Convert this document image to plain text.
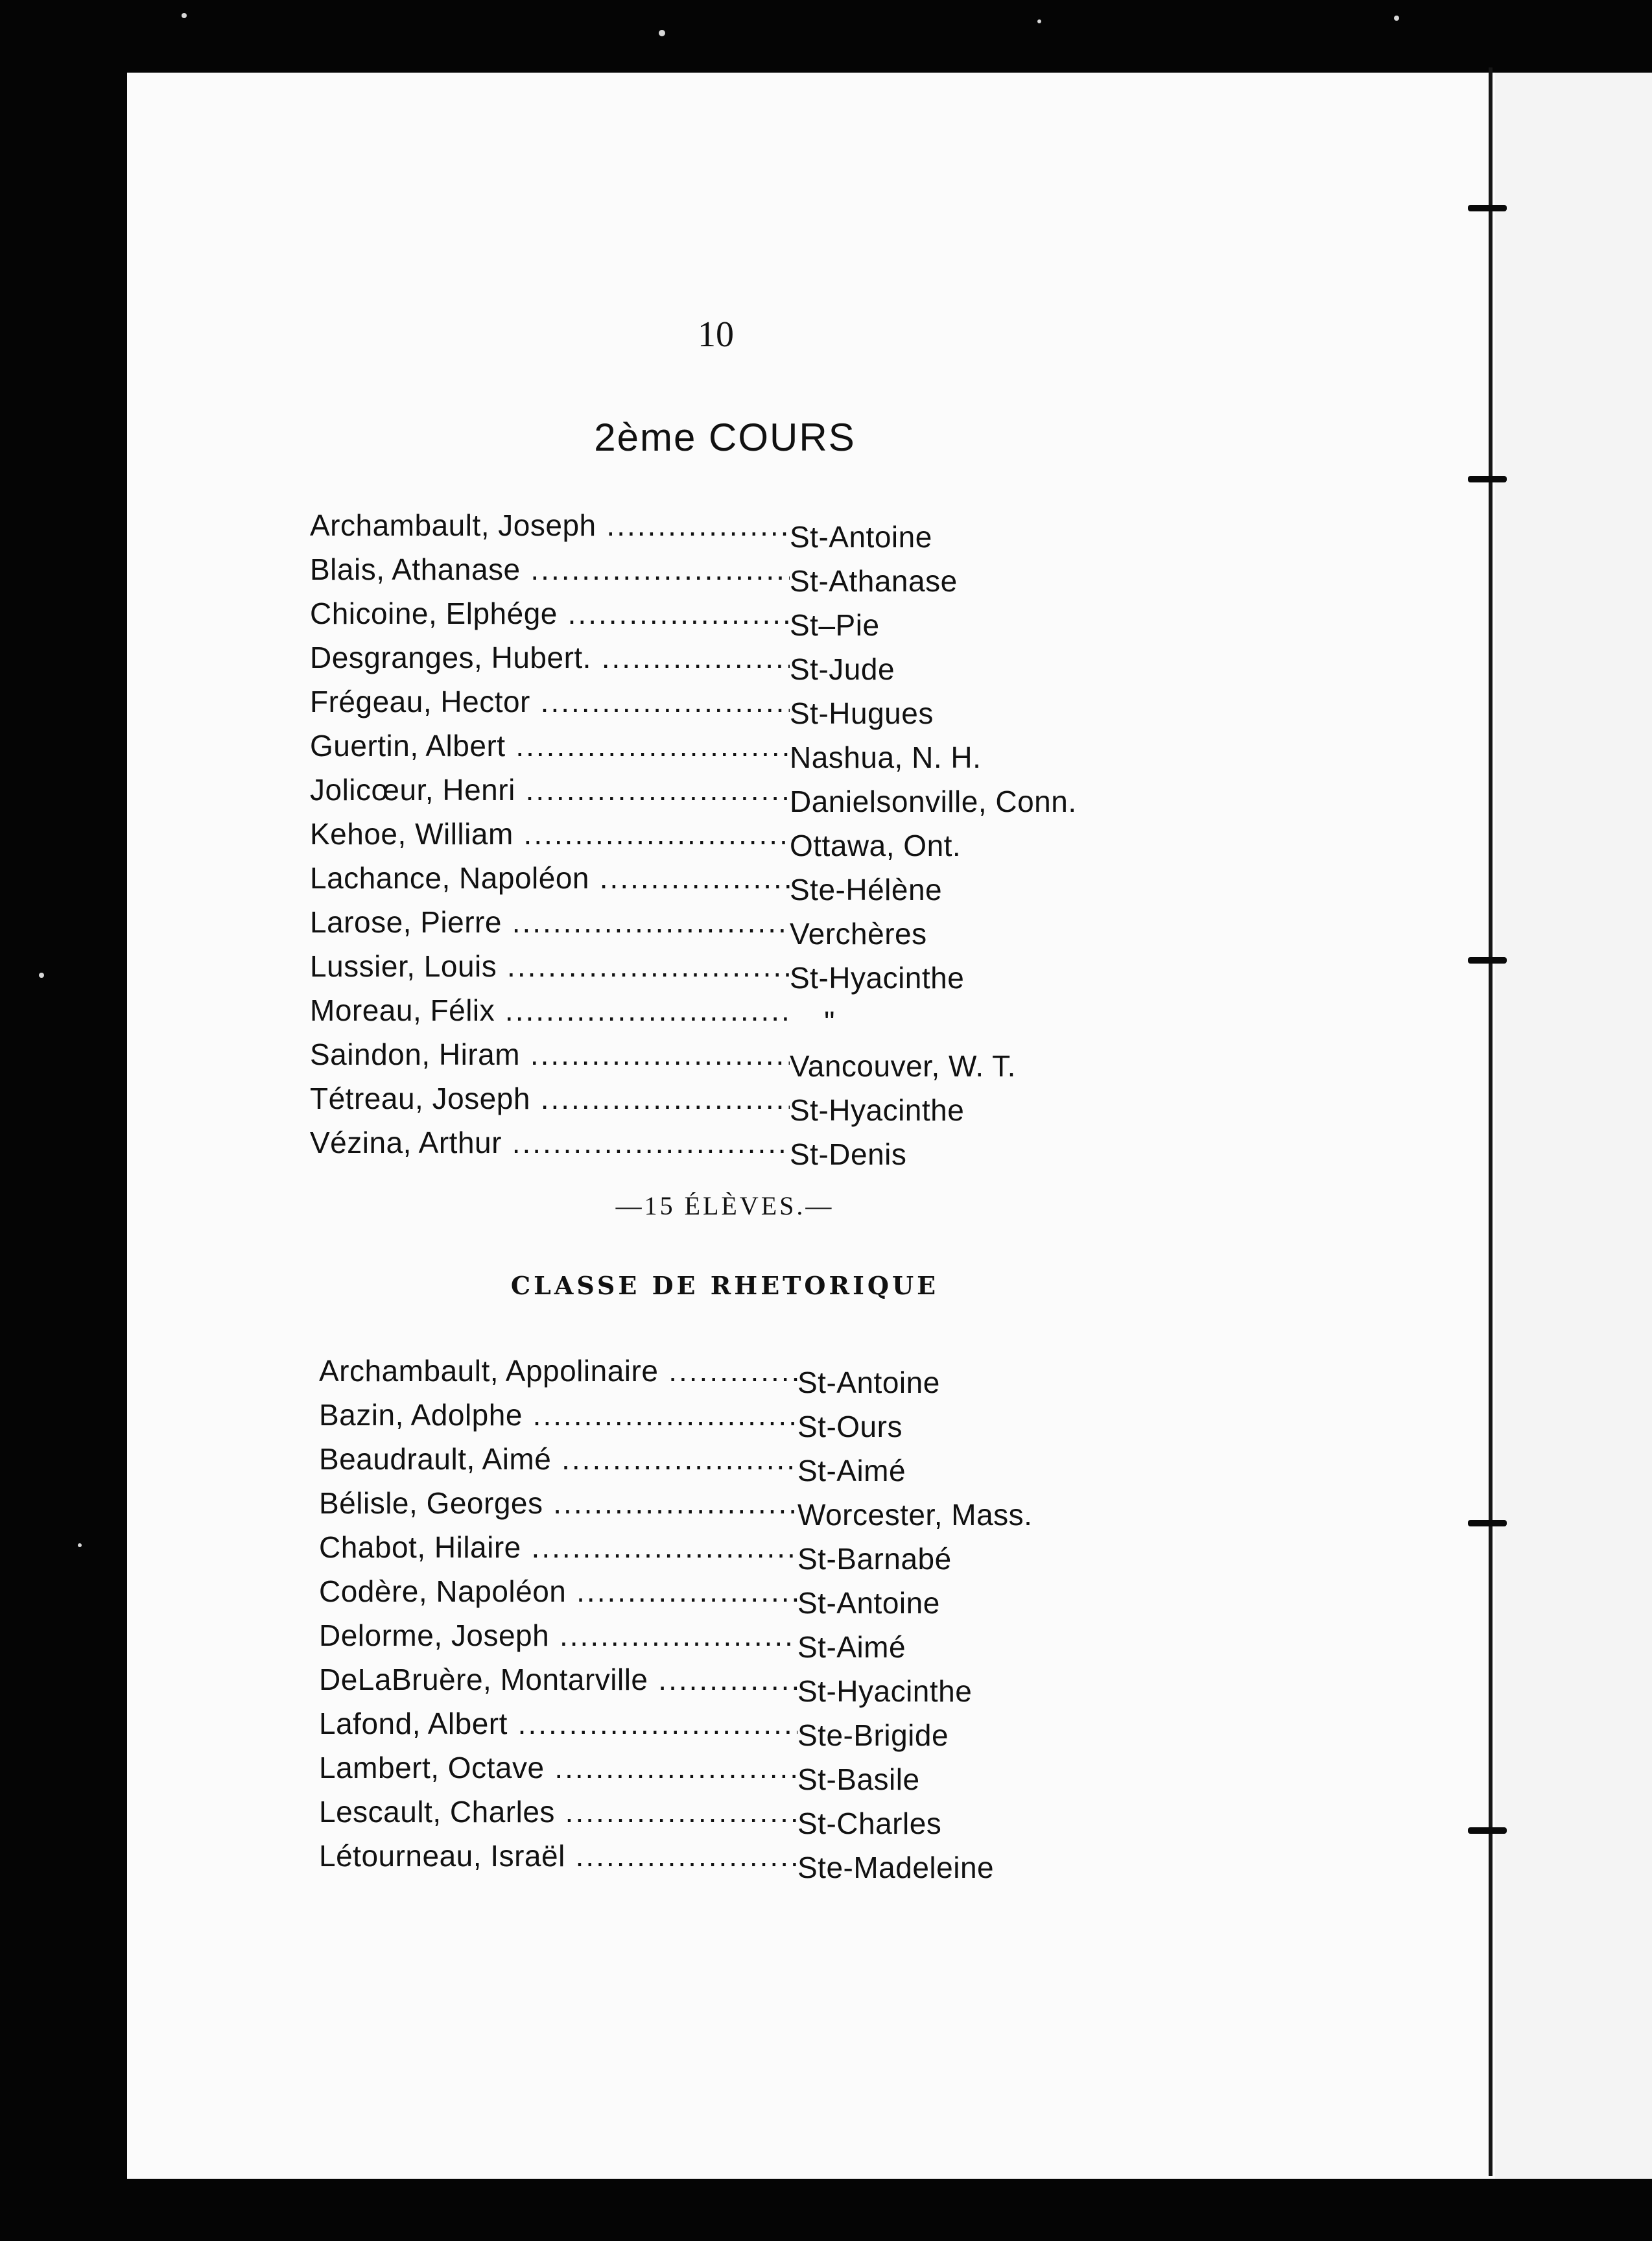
10
2ème COURS
Archambault, Joseph .....	St-Antoine
Blais, Athanase .....	St-Athanase
Chicoine, Elphége .....	St–Pie
Desgranges, Hubert. .....	St-Jude
Frégeau, Hector .....	St-Hugues
Guertin, Albert .....	Nashua, N. H.
Jolicœur, Henri .....	Danielsonville, Conn.
Kehoe, William .....	Ottawa, Ont.
Lachance, Napoléon .....	Ste-Hélène
Larose, Pierre .....	Verchères
Lussier, Louis .....	St-Hyacinthe
Moreau, Félix .....	"
Saindon, Hiram .....	Vancouver, W. T.
Tétreau, Joseph .....	St-Hyacinthe
Vézina, Arthur .....	St-Denis
—15 ÉLÈVES.—
CLASSE DE RHETORIQUE
Archambault, Appolinaire .....	St-Antoine
Bazin, Adolphe .....	St-Ours
Beaudrault, Aimé .....	St-Aimé
Bélisle, Georges .....	Worcester, Mass.
Chabot, Hilaire .....	St-Barnabé
Codère, Napoléon .....	St-Antoine
Delorme, Joseph .....	St-Aimé
DeLaBruère, Montarville .....	St-Hyacinthe
Lafond, Albert .....	Ste-Brigide
Lambert, Octave .....	St-Basile
Lescault, Charles .....	St-Charles
Létourneau, Israël .....	Ste-Madeleine
